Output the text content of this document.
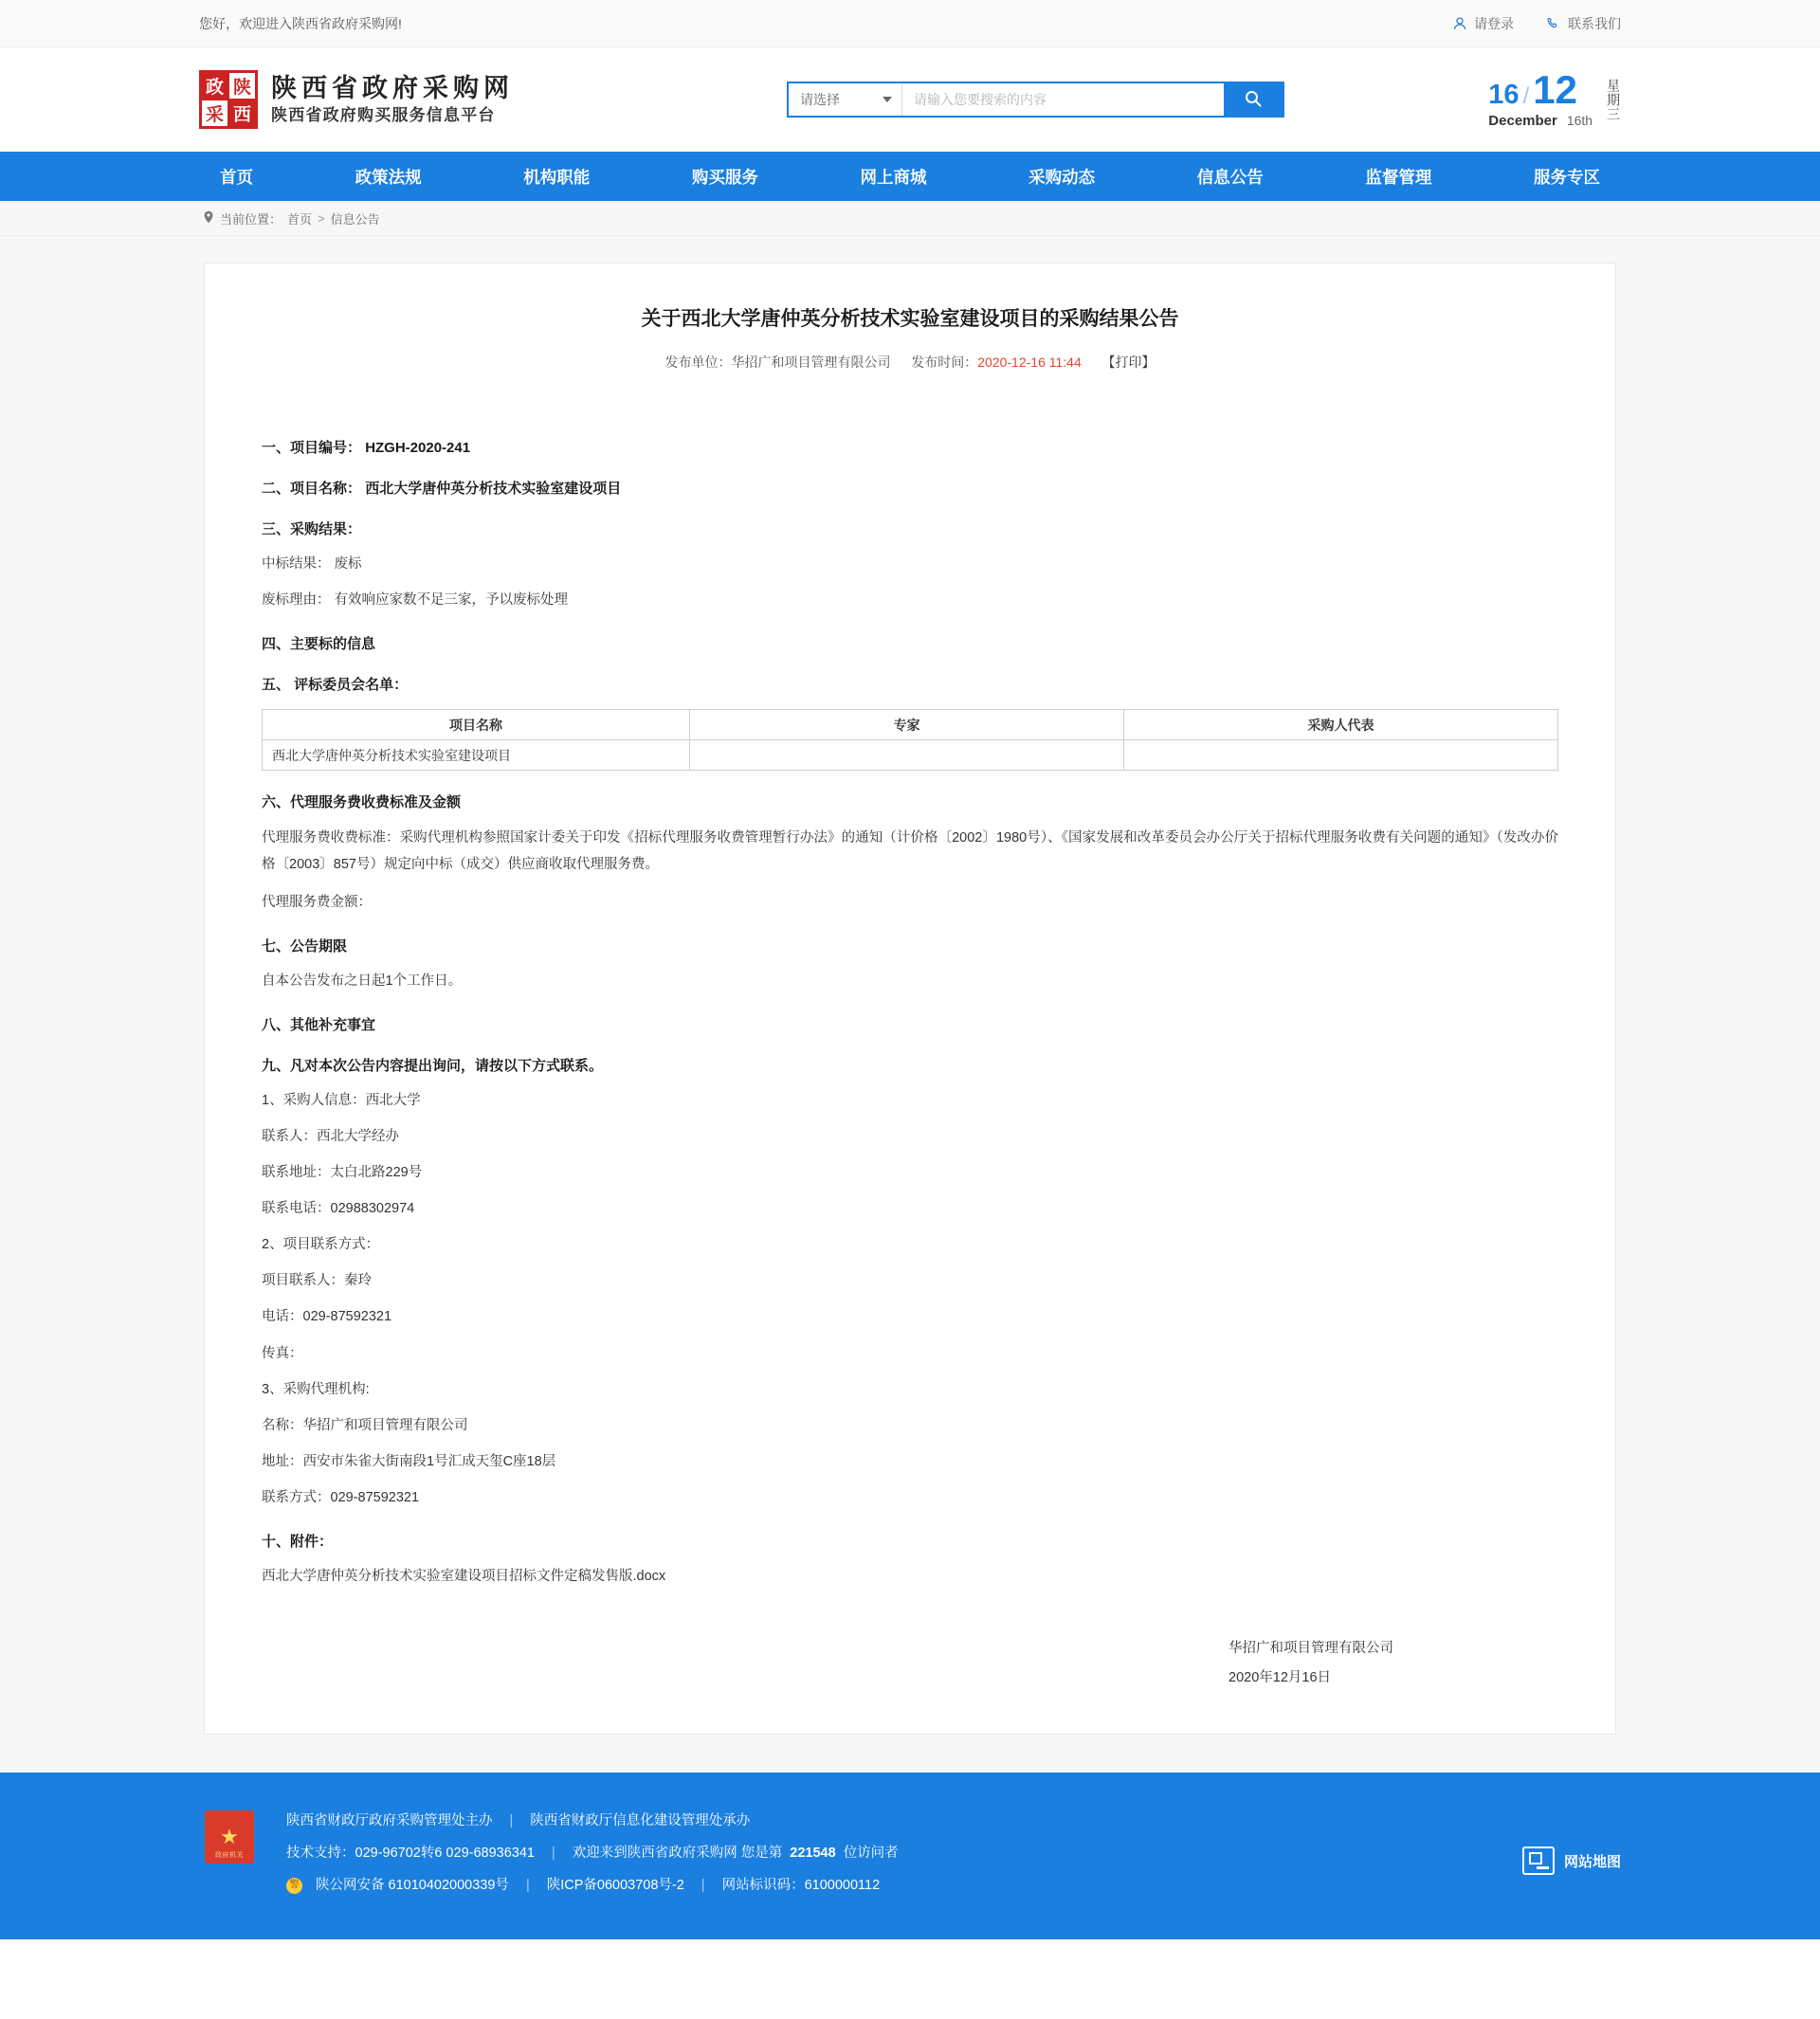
您好，欢迎进入陕西省政府采购网!	请登录	联系我们
政 陕
采 西
陕西省政府采购网
陕西省政府购买服务信息平台
请选择
请输入您要搜索的内容	16 / 12
December 16th 星期三
首页	政策法规	机构职能	购买服务	网上商城	采购动态	信息公告	监督管理	服务专区
当前位置： 首页 > 信息公告
关于西北大学唐仲英分析技术实验室建设项目的采购结果公告
发布单位：华招广和项目管理有限公司 发布时间：2020-12-16 11:44 【打印】
一、项目编号： HZGH-2020-241
二、项目名称： 西北大学唐仲英分析技术实验室建设项目
三、采购结果：
中标结果： 废标
废标理由： 有效响应家数不足三家，予以废标处理
四、主要标的信息
五、 评标委员会名单：
项目名称	专家	采购人代表
西北大学唐仲英分析技术实验室建设项目		
六、代理服务费收费标准及金额
代理服务费收费标准：采购代理机构参照国家计委关于印发《招标代理服务收费管理暂行办法》的通知（计价格〔2002〕1980号）、《国家发展和改革委员会办公厅关于招标代理服务收费有关问题的通知》（发改办价格〔2003〕857号）规定向中标（成交）供应商收取代理服务费。
代理服务费金额：
七、公告期限
自本公告发布之日起1个工作日。
八、其他补充事宜
九、凡对本次公告内容提出询问，请按以下方式联系。
1、采购人信息：西北大学
联系人：西北大学经办
联系地址：太白北路229号
联系电话：02988302974
2、项目联系方式：
项目联系人：秦玲
电话：029-87592321
传真：
3、采购代理机构:
名称：华招广和项目管理有限公司
地址：西安市朱雀大街南段1号汇成天玺C座18层
联系方式：029-87592321
十、附件：
西北大学唐仲英分析技术实验室建设项目招标文件定稿发售版.docx
华招广和项目管理有限公司
2020年12月16日
★
政府机关
陕西省财政厅政府采购管理处主办 | 陕西省财政厅信息化建设管理处承办
技术支持：029-96702转6 029-68936341 | 欢迎来到陕西省政府采购网 您是第 221548 位访问者
警 陕公网安备 61010402000339号 | 陕ICP备06003708号-2 | 网站标识码：6100000112
网站地图
